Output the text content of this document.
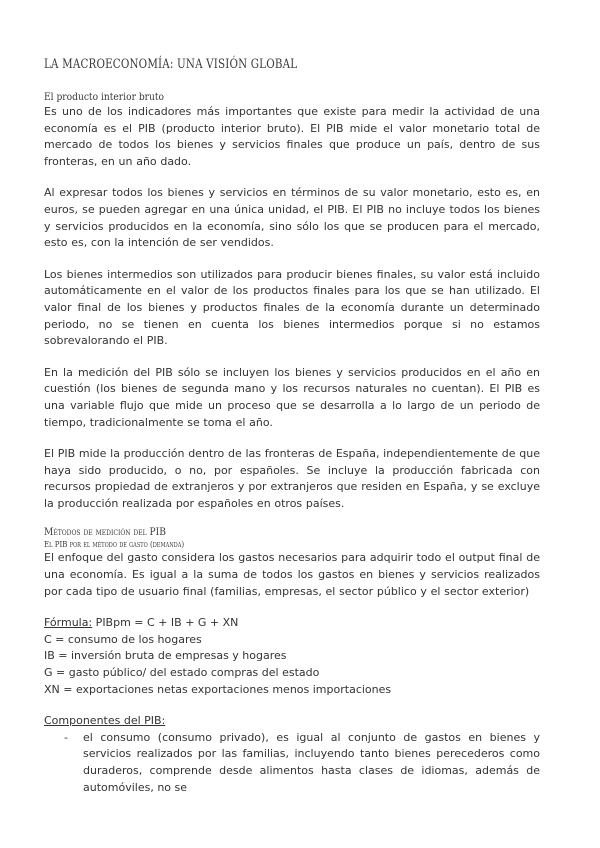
LA MACROECONOMÍA: UNA VISIÓN GLOBAL
El producto interior bruto

Es uno de los indicadores más importantes que existe para medir la actividad de una economía es el PIB (producto interior bruto). El PIB mide el valor monetario total de mercado de todos los bienes y servicios finales que produce un país, dentro de sus fronteras, en un año dado.

Al expresar todos los bienes y servicios en términos de su valor monetario, esto es, en euros, se pueden agregar en una única unidad, el PIB. El PIB no incluye todos los bienes y servicios producidos en la economía, sino sólo los que se producen para el mercado, esto es, con la intención de ser vendidos.

Los bienes intermedios son utilizados para producir bienes finales, su valor está incluido automáticamente en el valor de los productos finales para los que se han utilizado. El valor final de los bienes y productos finales de la economía durante un determinado periodo, no se tienen en cuenta los bienes intermedios porque si no estamos sobrevalorando el PIB.

En la medición del PIB sólo se incluyen los bienes y servicios producidos en el año en cuestión (los bienes de segunda mano y los recursos naturales no cuentan). El PIB es una variable flujo que mide un proceso que se desarrolla a lo largo de un periodo de tiempo, tradicionalmente se toma el año.

El PIB mide la producción dentro de las fronteras de España, independientemente de que haya sido producido, o no, por españoles. Se incluye la producción fabricada con recursos propiedad de extranjeros y por extranjeros que residen en España, y se excluye la producción realizada por españoles en otros países.

Métodos de medición del PIB
El PIB por el método de gasto (demanda)

El enfoque del gasto considera los gastos necesarios para adquirir todo el output final de una economía. Es igual a la suma de todos los gastos en bienes y servicios realizados por cada tipo de usuario final (familias, empresas, el sector público y el sector exterior)

Fórmula: PIBpm = C + IB + G + XN
C = consumo de los hogares
IB = inversión bruta de empresas y hogares
G = gasto público/ del estado compras del estado
XN = exportaciones netas exportaciones menos importaciones
Componentes del PIB:
- el consumo (consumo privado), es igual al conjunto de gastos en bienes y servicios realizados por las familias, incluyendo tanto bienes perecederos como duraderos, comprende desde alimentos hasta clases de idiomas, además de automóviles, no se
